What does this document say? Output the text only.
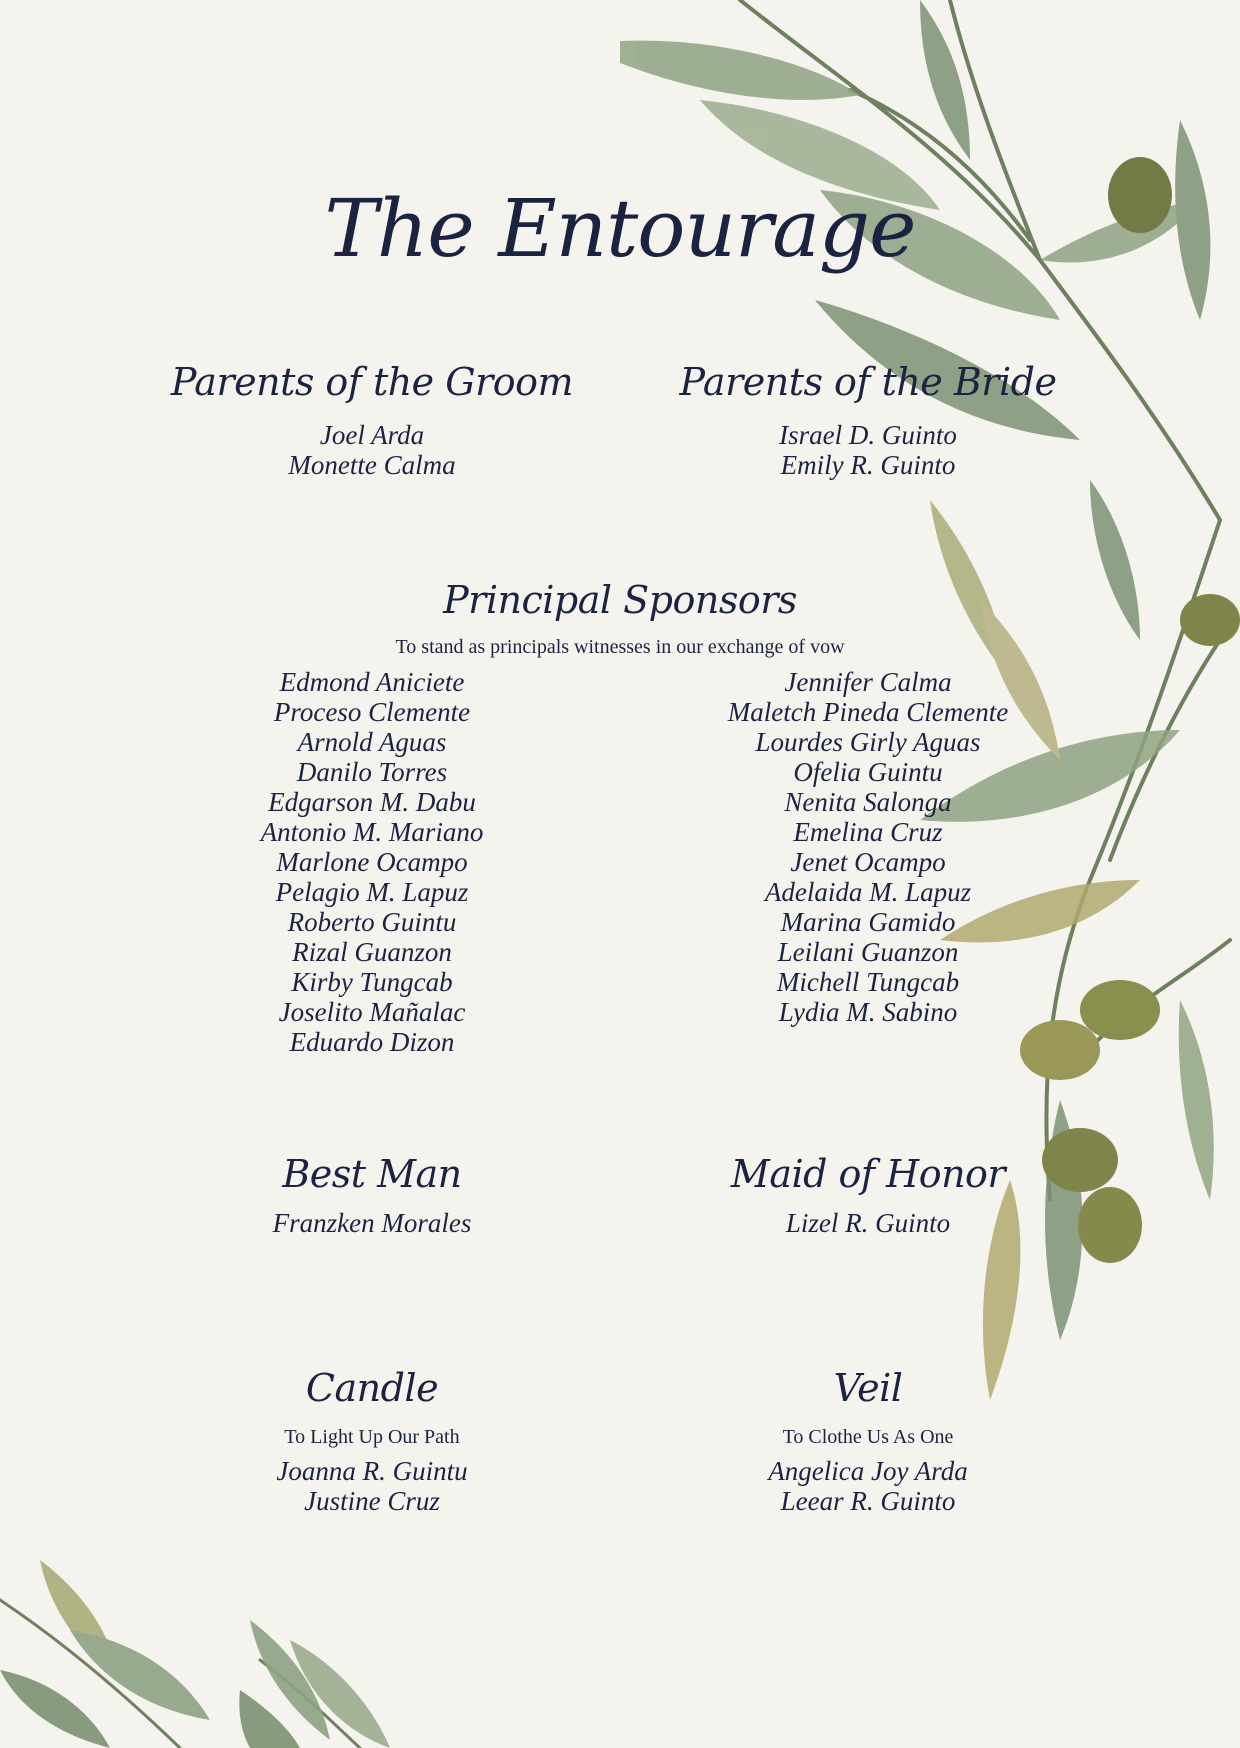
The Entourage
Parents of the Groom
Joel Arda
Monette Calma
Parents of the Bride
Israel D. Guinto
Emily R. Guinto
Principal Sponsors
To stand as principals witnesses in our exchange of vow
Edmond Aniciete
Proceso Clemente
Arnold Aguas
Danilo Torres
Edgarson M. Dabu
Antonio M. Mariano
Marlone Ocampo
Pelagio M. Lapuz
Roberto Guintu
Rizal Guanzon
Kirby Tungcab
Joselito Mañalac
Eduardo Dizon
Jennifer Calma
Maletch Pineda Clemente
Lourdes Girly Aguas
Ofelia Guintu
Nenita Salonga
Emelina Cruz
Jenet Ocampo
Adelaida M. Lapuz
Marina Gamido
Leilani Guanzon
Michell Tungcab
Lydia M. Sabino
Best Man
Franzken Morales
Maid of Honor
Lizel R. Guinto
Candle
To Light Up Our Path
Joanna R. Guintu
Justine Cruz
Veil
To Clothe Us As One
Angelica Joy Arda
Leear R. Guinto
